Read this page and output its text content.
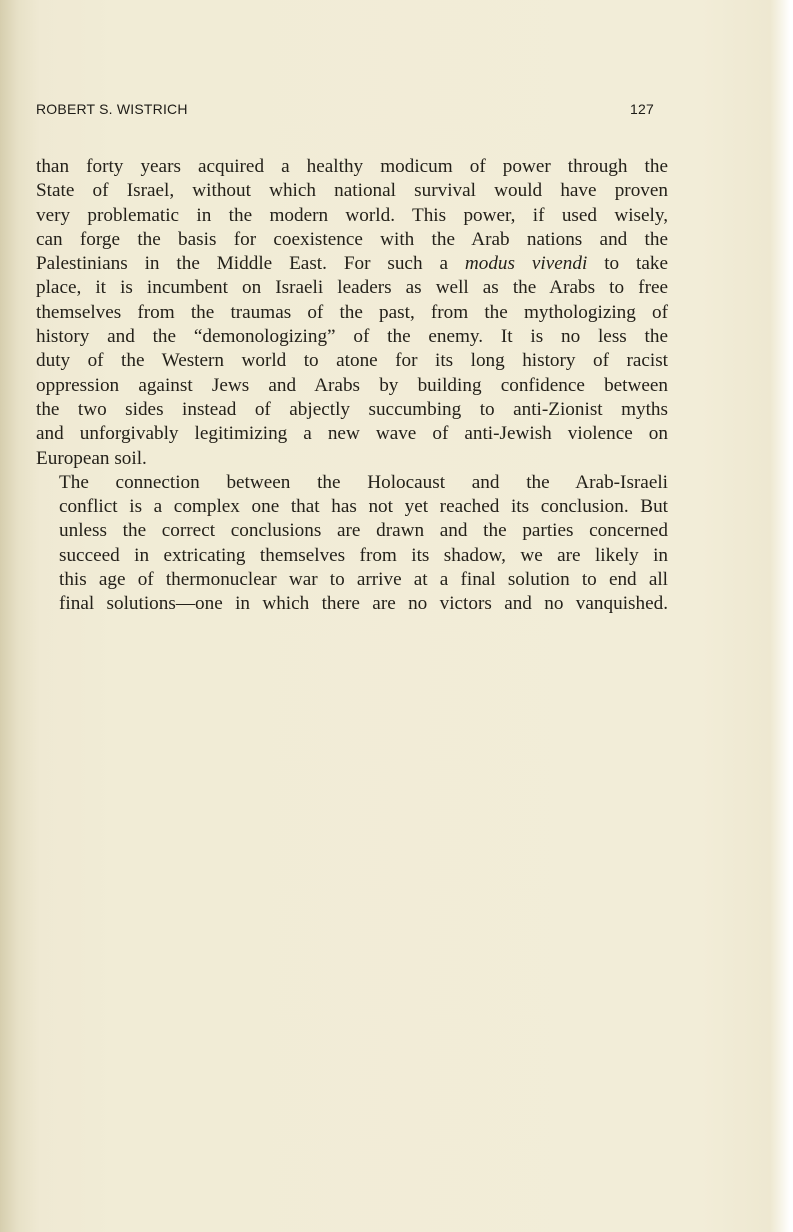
ROBERT S. WISTRICH	127
than forty years acquired a healthy modicum of power through the
State of Israel, without which national survival would have proven
very problematic in the modern world. This power, if used wisely,
can forge the basis for coexistence with the Arab nations and the
Palestinians in the Middle East. For such a modus vivendi to take
place, it is incumbent on Israeli leaders as well as the Arabs to free
themselves from the traumas of the past, from the mythologizing of
history and the “demonologizing” of the enemy. It is no less the
duty of the Western world to atone for its long history of racist
oppression against Jews and Arabs by building confidence between
the two sides instead of abjectly succumbing to anti-Zionist myths
and unforgivably legitimizing a new wave of anti-Jewish violence on
European soil.
The connection between the Holocaust and the Arab-Israeli
conflict is a complex one that has not yet reached its conclusion. But
unless the correct conclusions are drawn and the parties concerned
succeed in extricating themselves from its shadow, we are likely in
this age of thermonuclear war to arrive at a final solution to end all
final solutions—one in which there are no victors and no vanquished.
